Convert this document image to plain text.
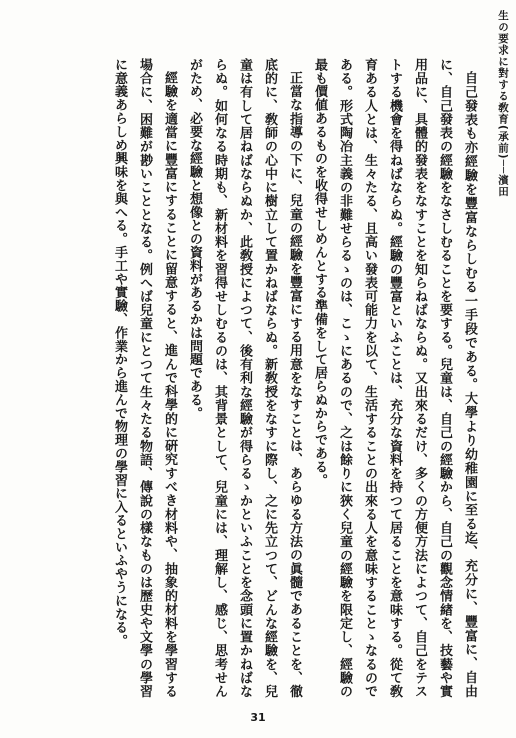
生の要求に對する敎育(承前)──濱田

自己發表も亦經驗を豐富ならしむる一手段である。大學より幼稚園に至る迄、充分に、豐富に、自由に、自己發表の經驗をなさしむることを要する。兒童は、自己の經驗から、自己の觀念情緖を、技藝や實用品に、具體的發表をなすことを知らねばならぬ。又出來るだけ、多くの方便方法によつて、自己をテストする機會を得ねばならぬ。經驗の豐富といふことは、充分な資料を持つて居ることを意味する。從て敎育ある人とは、生々たる、且高い發表可能力を以て、生活することの出來る人を意味することゝなるのである。形式陶冶主義の非難せらるゝのは、こゝにあるので、之は餘りに狹く兒童の經驗を限定し、經驗の最も價値あるものを收得せしめんとする準備をして居らぬからである。

正當な指導の下に、兒童の經驗を豐富にする用意をなすことは、あらゆる方法の眞髓であることを、徹底的に、敎師の心中に樹立して置かねばならぬ。新敎授をなすに際し、之に先立つて、どんな經驗を、兒童は有して居ねばならぬか、此敎授によつて、後有利な經驗が得らるゝかといふことを念頭に置かねばならぬ。如何なる時期も、新材料を習得せしむるのは、其背景として、兒童には、理解し、感じ、思考せんがため、必要な經驗と想像との資料があるかは問題である。

經驗を適當に豐富にすることに留意すると、進んで科學的に硏究すべき材料や、抽象的材料を學習する場合に、困難が尠いこととなる。例へば兒童にとつて生々たる物語、傳說の樣なものは歷史や文學の學習に意義あらしめ興味を與へる。手工や實驗、作業から進んで物理の學習に入るといふやうになる。

31
